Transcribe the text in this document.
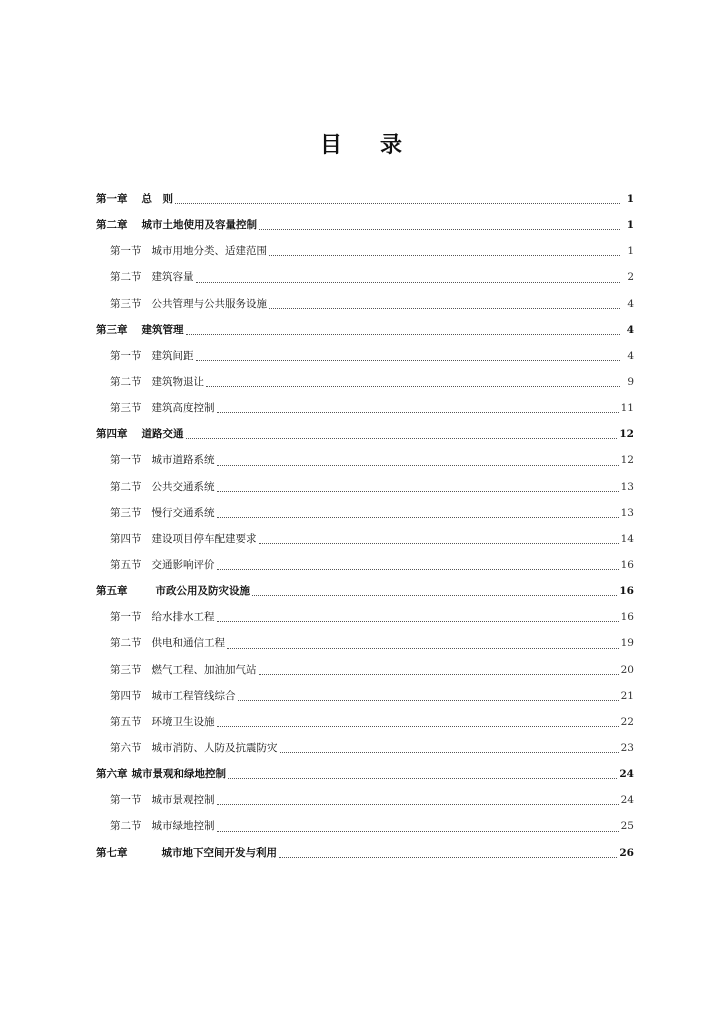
目 录
第一章 总　则	1
第二章 城市土地使用及容量控制	1
第一节 城市用地分类、适建范围	1
第二节 建筑容量	2
第三节 公共管理与公共服务设施	4
第三章 建筑管理	4
第一节 建筑间距	4
第二节 建筑物退让	9
第三节 建筑高度控制	11
第四章 道路交通	12
第一节 城市道路系统	12
第二节 公共交通系统	13
第三节 慢行交通系统	13
第四节 建设项目停车配建要求	14
第五节 交通影响评价	16
第五章	市政公用及防灾设施	16
第一节 给水排水工程	16
第二节 供电和通信工程	19
第三节 燃气工程、加油加气站	20
第四节 城市工程管线综合	21
第五节 环境卫生设施	22
第六节 城市消防、人防及抗震防灾	23
第六章 城市景观和绿地控制	24
第一节 城市景观控制	24
第二节 城市绿地控制	25
第七章	城市地下空间开发与利用	26
